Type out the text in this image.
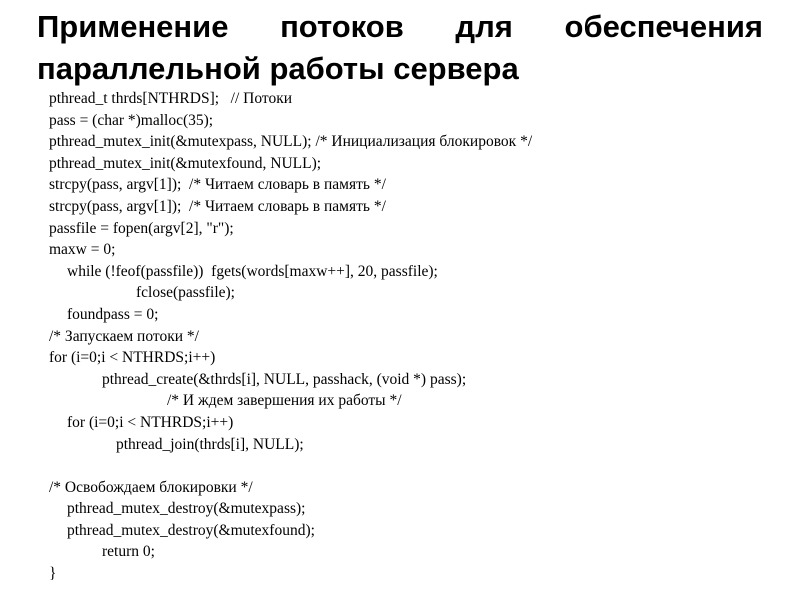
Применение потоков для обеспечения
параллельной работы сервера
pthread_t thrds[NTHRDS];   // Потоки
pass = (char *)malloc(35);
pthread_mutex_init(&mutexpass, NULL); /* Инициализация блокировок */
pthread_mutex_init(&mutexfound, NULL);
strcpy(pass, argv[1]);  /* Читаем словарь в память */
strcpy(pass, argv[1]);  /* Читаем словарь в память */
passfile = fopen(argv[2], "r");
maxw = 0;
while (!feof(passfile))  fgets(words[maxw++], 20, passfile);
fclose(passfile);
foundpass = 0;
/* Запускаем потоки */
for (i=0;i < NTHRDS;i++)
pthread_create(&thrds[i], NULL, passhack, (void *) pass);
/* И ждем завершения их работы */
for (i=0;i < NTHRDS;i++)
pthread_join(thrds[i], NULL);
/* Освобождаем блокировки */
pthread_mutex_destroy(&mutexpass);
pthread_mutex_destroy(&mutexfound);
return 0;
}
